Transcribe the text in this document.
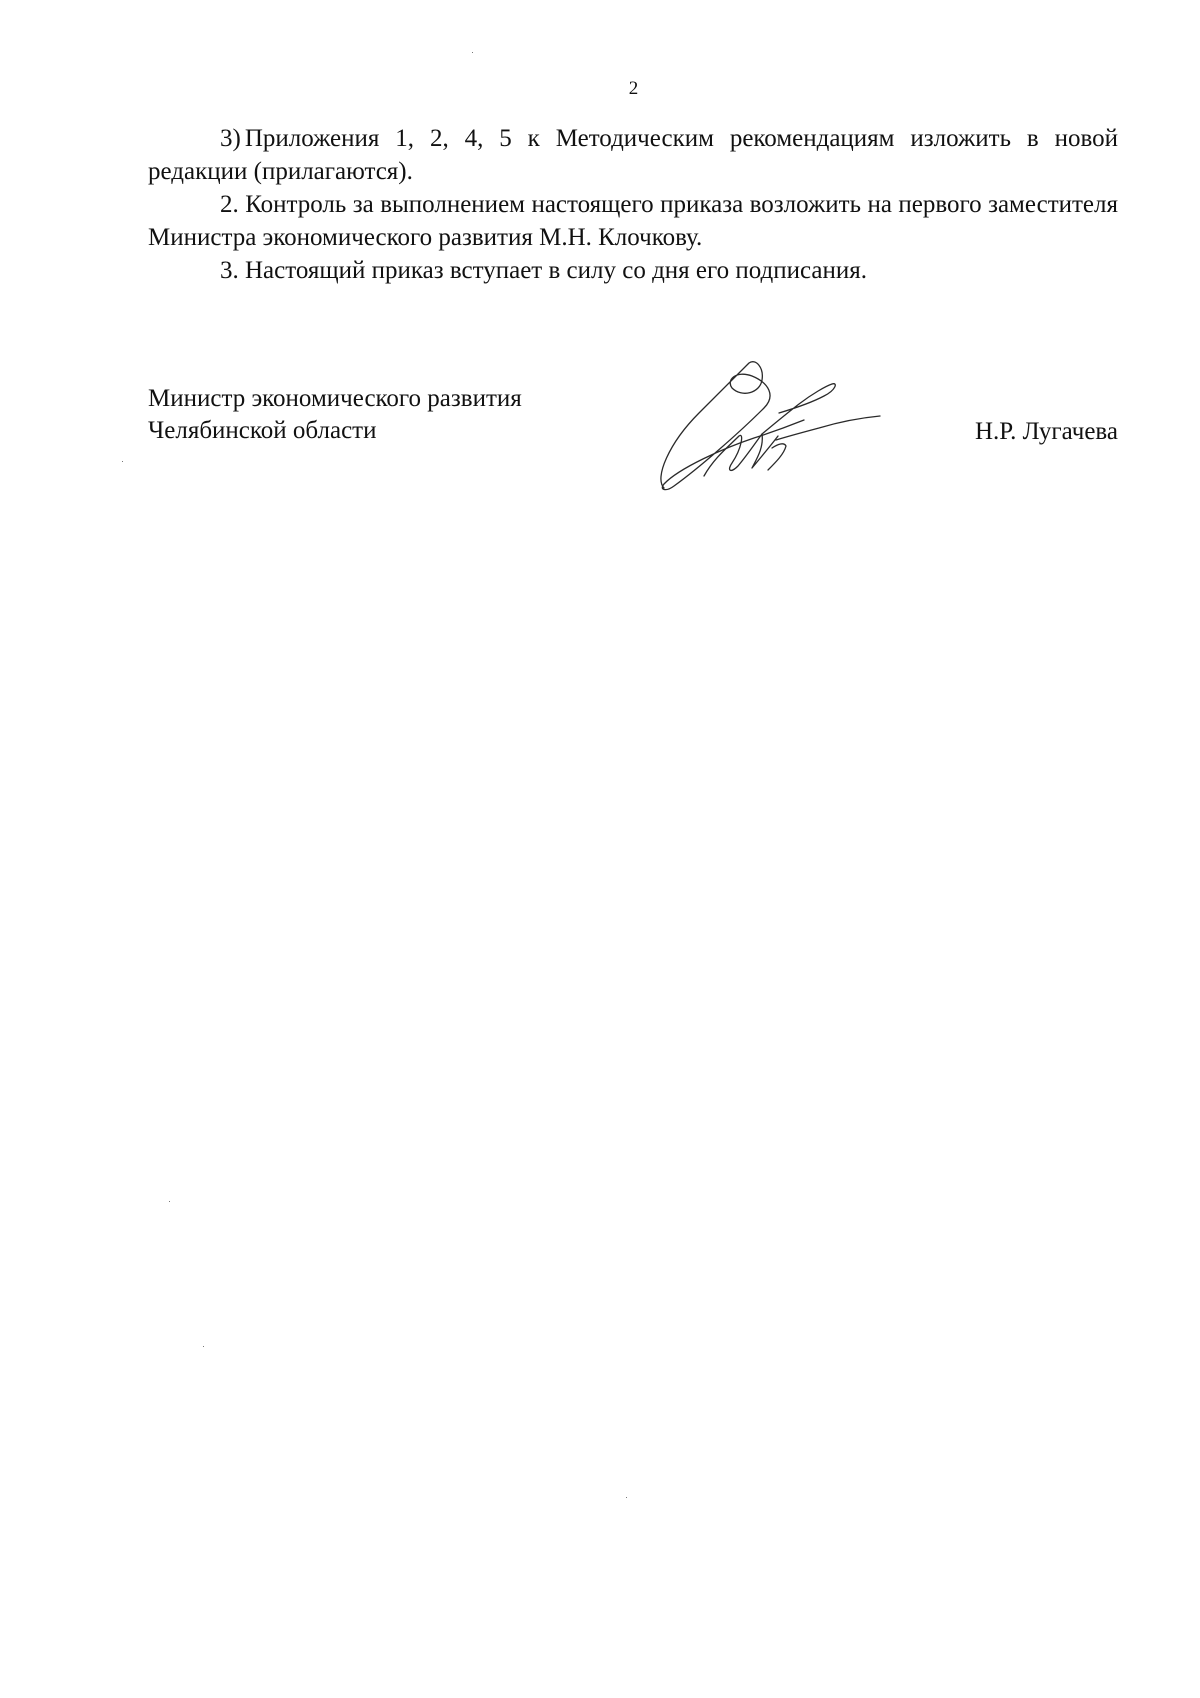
2

3) Приложения 1, 2, 4, 5 к Методическим рекомендациям изложить в новой редакции (прилагаются).

2. Контроль за выполнением настоящего приказа возложить на первого заместителя Министра экономического развития М.Н. Клочкову.

3. Настоящий приказ вступает в силу со дня его подписания.

Министр экономического развития
Челябинской области	Н.Р. Лугачева
